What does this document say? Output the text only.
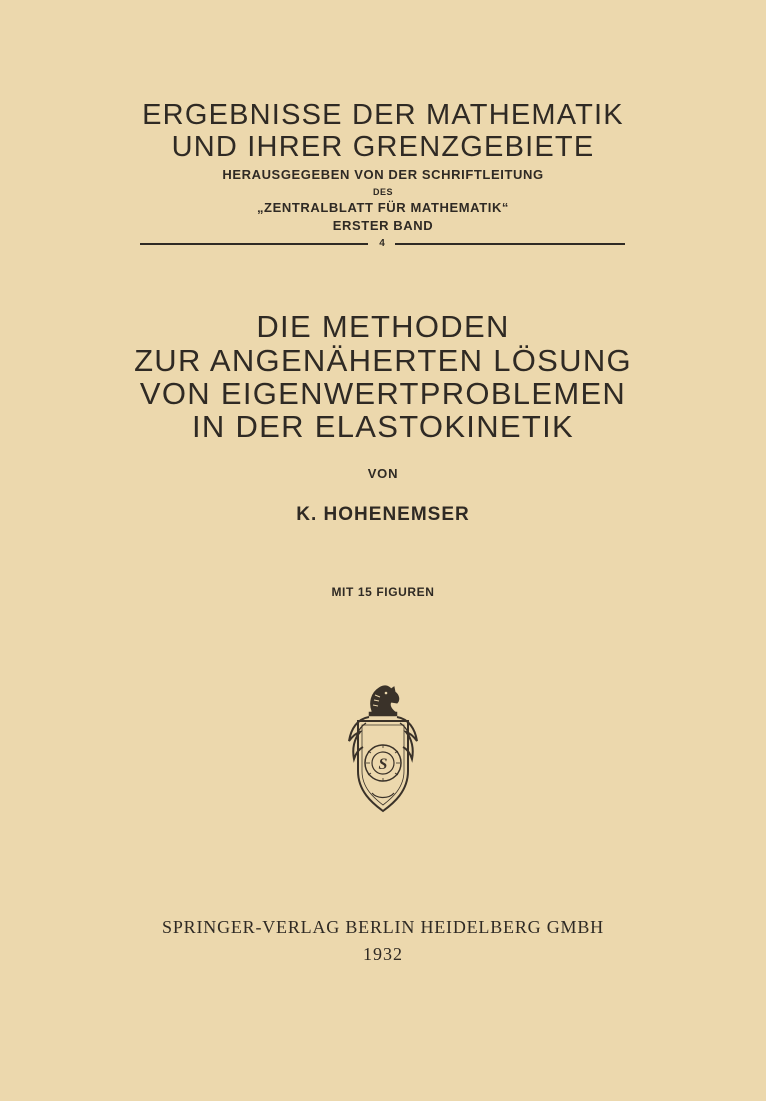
ERGEBNISSE DER MATHEMATIK
UND IHRER GRENZGEBIETE
HERAUSGEGEBEN VON DER SCHRIFTLEITUNG
DES
„ZENTRALBLATT FÜR MATHEMATIK“
ERSTER BAND
4
DIE METHODEN
ZUR ANGENÄHERTEN LÖSUNG
VON EIGENWERTPROBLEMEN
IN DER ELASTOKINETIK
VON
K. HOHENEMSER
MIT 15 FIGUREN
S
SPRINGER-VERLAG BERLIN HEIDELBERG GMBH
1932
